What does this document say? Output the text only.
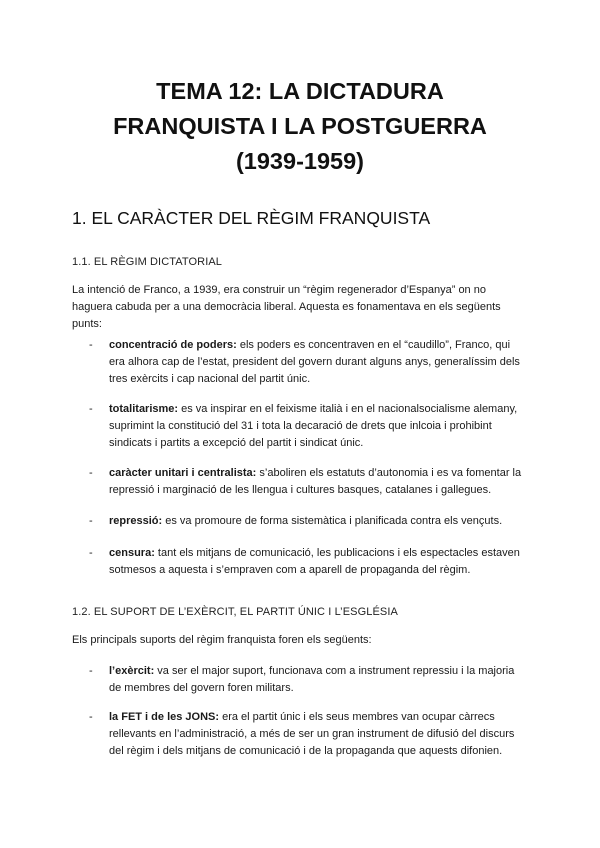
TEMA 12: LA DICTADURA
FRANQUISTA I LA POSTGUERRA
(1939-1959)
1. EL CARÀCTER DEL RÈGIM FRANQUISTA
1.1. EL RÈGIM DICTATORIAL
La intenció de Franco, a 1939, era construir un “règim regenerador d’Espanya” on no haguera cabuda per a una democràcia liberal. Aquesta es fonamentava en els següents punts:
- concentració de poders: els poders es concentraven en el “caudillo”, Franco, qui era alhora cap de l’estat, president del govern durant alguns anys, generalíssim dels tres exèrcits i cap nacional del partit únic.
- totalitarisme: es va inspirar en el feixisme italià i en el nacionalsocialisme alemany, suprimint la constitució del 31 i tota la decaració de drets que inlcoia i prohibint sindicats i partits a excepció del partit i sindicat únic.
- caràcter unitari i centralista: s’aboliren els estatuts d’autonomia i es va fomentar la repressió i marginació de les llengua i cultures basques, catalanes i gallegues.
- repressió: es va promoure de forma sistemàtica i planificada contra els vençuts.
- censura: tant els mitjans de comunicació, les publicacions i els espectacles estaven sotmesos a aquesta i s’empraven com a aparell de propaganda del règim.
1.2. EL SUPORT DE L’EXÈRCIT, EL PARTIT ÚNIC I L’ESGLÉSIA
Els principals suports del règim franquista foren els següents:
- l’exèrcit: va ser el major suport, funcionava com a instrument repressiu i la majoria de membres del govern foren militars.
- la FET i de les JONS: era el partit únic i els seus membres van ocupar càrrecs rellevants en l’administració, a més de ser un gran instrument de difusió del discurs del règim i dels mitjans de comunicació i de la propaganda que aquests difonien.
